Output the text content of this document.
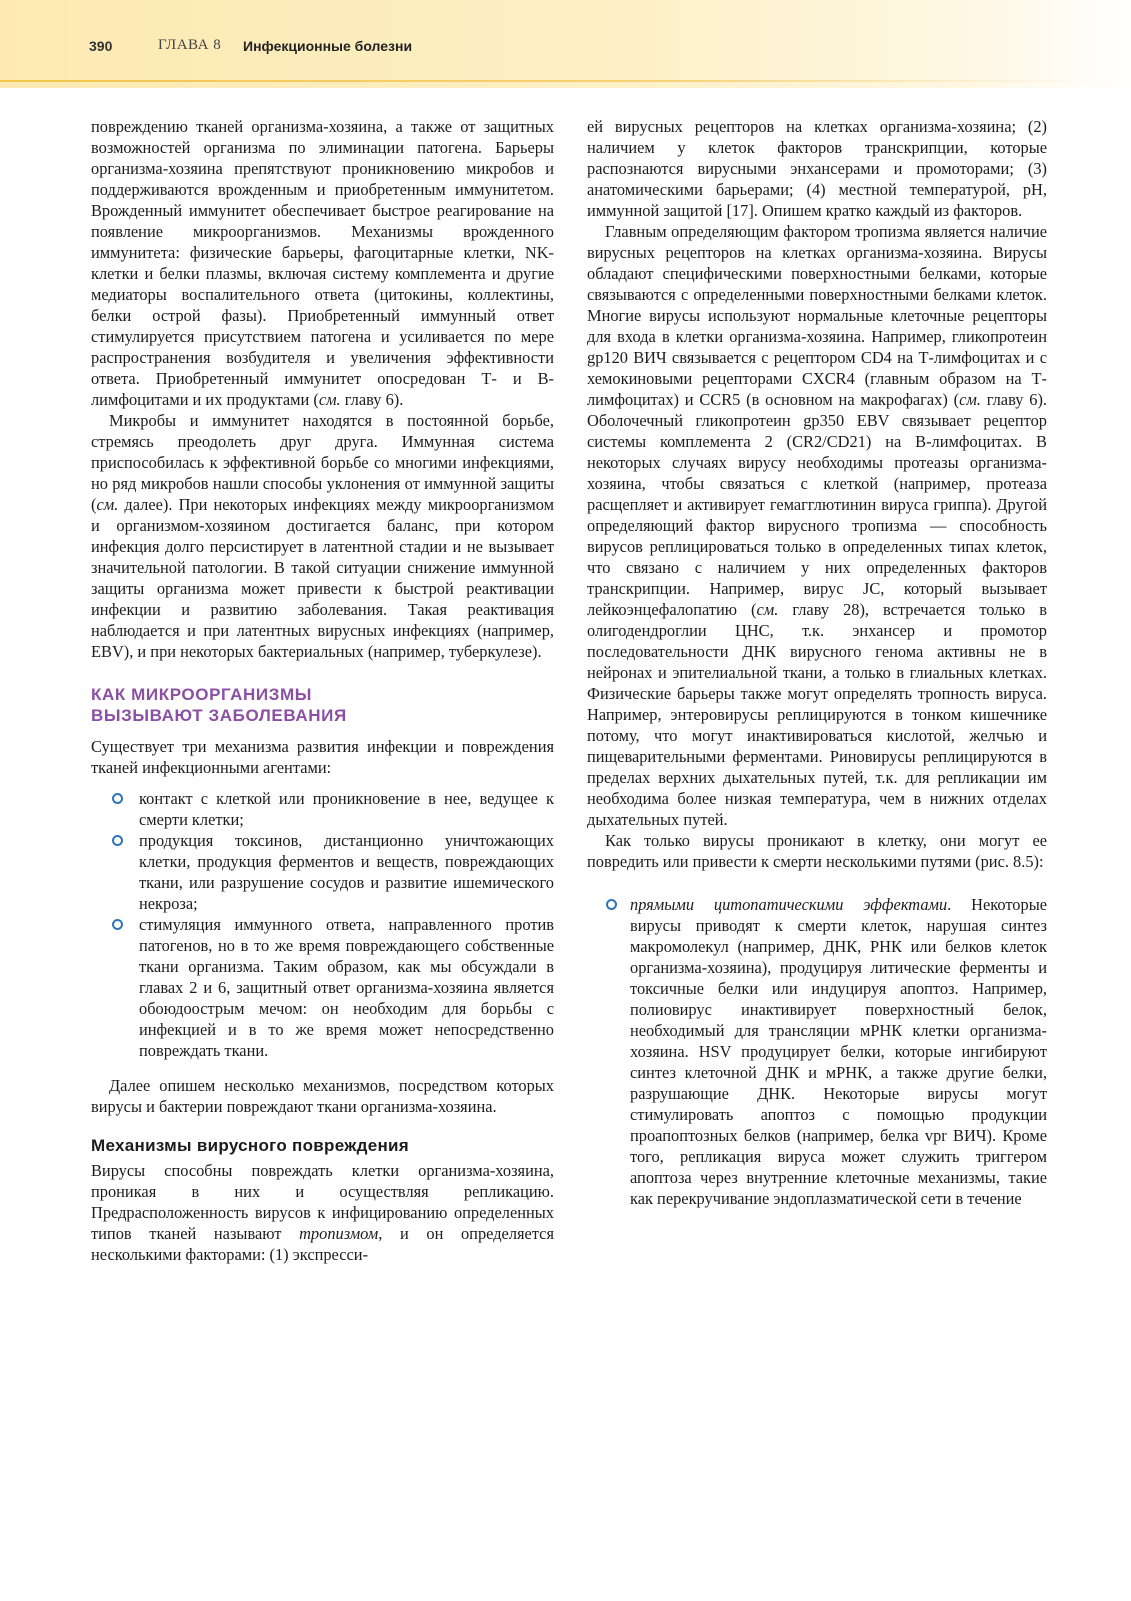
390	ГЛАВА 8 Инфекционные болезни

повреждению тканей организма-хозяина, а также от защитных возможностей организма по элиминации патогена. Барьеры организма-хозяина препятствуют проникновению микробов и поддерживаются врожденным и приобретенным иммунитетом. Врожденный иммунитет обеспечивает быстрое реагирование на появление микроорганизмов. Механизмы врожденного иммунитета: физические барьеры, фагоцитарные клетки, NK-клетки и белки плазмы, включая систему комплемента и другие медиаторы воспалительного ответа (цитокины, коллектины, белки острой фазы). Приобретенный иммунный ответ стимулируется присутствием патогена и усиливается по мере распространения возбудителя и увеличения эффективности ответа. Приобретенный иммунитет опосредован Т- и В-лимфоцитами и их продуктами (см. главу 6).

Микробы и иммунитет находятся в постоянной борьбе, стремясь преодолеть друг друга. Иммунная система приспособилась к эффективной борьбе со многими инфекциями, но ряд микробов нашли способы уклонения от иммунной защиты (см. далее). При некоторых инфекциях между микроорганизмом и организмом-хозяином достигается баланс, при котором инфекция долго персистирует в латентной стадии и не вызывает значительной патологии. В такой ситуации снижение иммунной защиты организма может привести к быстрой реактивации инфекции и развитию заболевания. Такая реактивация наблюдается и при латентных вирусных инфекциях (например, EBV), и при некоторых бактериальных (например, туберкулезе).

КАК МИКРООРГАНИЗМЫ
ВЫЗЫВАЮТ ЗАБОЛЕВАНИЯ

Существует три механизма развития инфекции и повреждения тканей инфекционными агентами:

контакт с клеткой или проникновение в нее, ведущее к смерти клетки;

продукция токсинов, дистанционно уничтожающих клетки, продукция ферментов и веществ, повреждающих ткани, или разрушение сосудов и развитие ишемического некроза;

стимуляция иммунного ответа, направленного против патогенов, но в то же время повреждающего собственные ткани организма. Таким образом, как мы обсуждали в главах 2 и 6, защитный ответ организма-хозяина является обоюдоострым мечом: он необходим для борьбы с инфекцией и в то же время может непосредственно повреждать ткани.

Далее опишем несколько механизмов, посредством которых вирусы и бактерии повреждают ткани организма-хозяина.

Механизмы вирусного повреждения

Вирусы способны повреждать клетки организма-хозяина, проникая в них и осуществляя репликацию. Предрасположенность вирусов к инфицированию определенных типов тканей называют тропизмом, и он определяется несколькими факторами: (1) экспресси-

ей вирусных рецепторов на клетках организма-хозяина; (2) наличием у клеток факторов транскрипции, которые распознаются вирусными энхансерами и промоторами; (3) анатомическими барьерами; (4) местной температурой, pH, иммунной защитой [17]. Опишем кратко каждый из факторов.

Главным определяющим фактором тропизма является наличие вирусных рецепторов на клетках организма-хозяина. Вирусы обладают специфическими поверхностными белками, которые связываются с определенными поверхностными белками клеток. Многие вирусы используют нормальные клеточные рецепторы для входа в клетки организма-хозяина. Например, гликопротеин gp120 ВИЧ связывается с рецептором CD4 на Т-лимфоцитах и с хемокиновыми рецепторами CXCR4 (главным образом на Т-лимфоцитах) и CCR5 (в основном на макрофагах) (см. главу 6). Оболочечный гликопротеин gp350 EBV связывает рецептор системы комплемента 2 (CR2/CD21) на В-лимфоцитах. В некоторых случаях вирусу необходимы протеазы организма-хозяина, чтобы связаться с клеткой (например, протеаза расщепляет и активирует гемагглютинин вируса гриппа). Другой определяющий фактор вирусного тропизма — способность вирусов реплицироваться только в определенных типах клеток, что связано с наличием у них определенных факторов транскрипции. Например, вирус JC, который вызывает лейкоэнцефалопатию (см. главу 28), встречается только в олигодендроглии ЦНС, т.к. энхансер и промотор последовательности ДНК вирусного генома активны не в нейронах и эпителиальной ткани, а только в глиальных клетках. Физические барьеры также могут определять тропность вируса. Например, энтеровирусы реплицируются в тонком кишечнике потому, что могут инактивироваться кислотой, желчью и пищеварительными ферментами. Риновирусы реплицируются в пределах верхних дыхательных путей, т.к. для репликации им необходима более низкая температура, чем в нижних отделах дыхательных путей.

Как только вирусы проникают в клетку, они могут ее повредить или привести к смерти несколькими путями (рис. 8.5):

прямыми цитопатическими эффектами. Некоторые вирусы приводят к смерти клеток, нарушая синтез макромолекул (например, ДНК, РНК или белков клеток организма-хозяина), продуцируя литические ферменты и токсичные белки или индуцируя апоптоз. Например, полиовирус инактивирует поверхностный белок, необходимый для трансляции мРНК клетки организма-хозяина. HSV продуцирует белки, которые ингибируют синтез клеточной ДНК и мРНК, а также другие белки, разрушающие ДНК. Некоторые вирусы могут стимулировать апоптоз с помощью продукции проапоптозных белков (например, белка vpr ВИЧ). Кроме того, репликация вируса может служить триггером апоптоза через внутренние клеточные механизмы, такие как перекручивание эндоплазматической сети в течение
